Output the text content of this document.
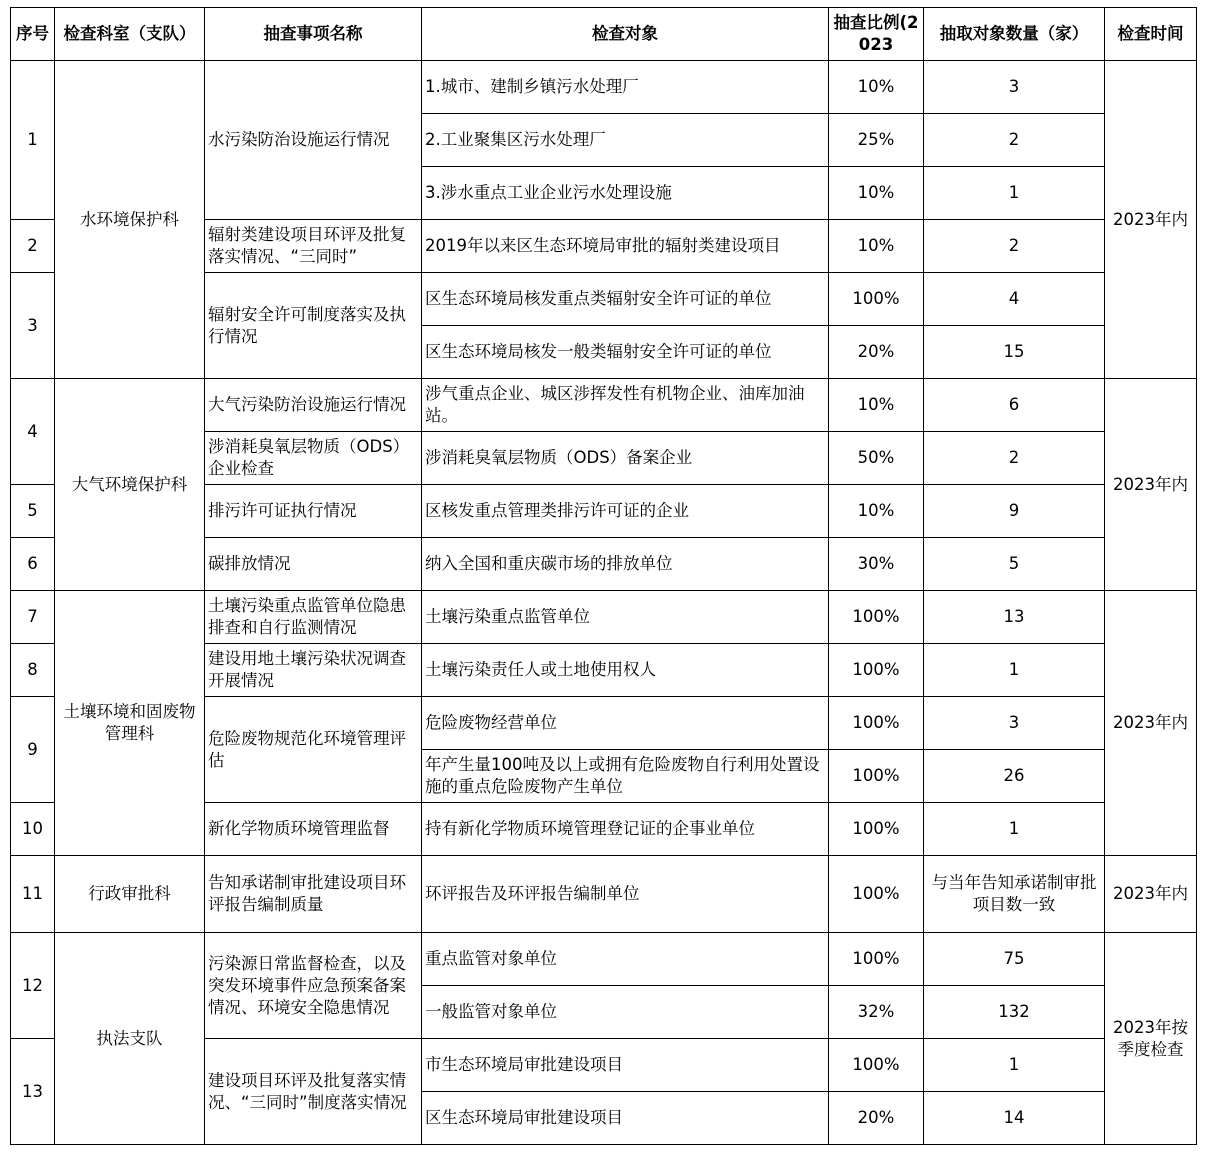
序号	检查科室（支队）	抽查事项名称	检查对象	抽查比例(2023	抽取对象数量（家）	检查时间
1	水环境保护科	水污染防治设施运行情况	1.城市、建制乡镇污水处理厂	10%	3	2023年内
			2.工业聚集区污水处理厂	25%	2	
			3.涉水重点工业企业污水处理设施	10%	1	
2		辐射类建设项目环评及批复落实情况、“三同时”	2019年以来区生态环境局审批的辐射类建设项目	10%	2	
3		辐射安全许可制度落实及执行情况	区生态环境局核发重点类辐射安全许可证的单位	100%	4	
			区生态环境局核发一般类辐射安全许可证的单位	20%	15	
4	大气环境保护科	大气污染防治设施运行情况	涉气重点企业、城区涉挥发性有机物企业、油库加油站。	10%	6	2023年内
		涉消耗臭氧层物质（ODS）企业检查	涉消耗臭氧层物质（ODS）备案企业	50%	2	
5		排污许可证执行情况	区核发重点管理类排污许可证的企业	10%	9	
6		碳排放情况	纳入全国和重庆碳市场的排放单位	30%	5	
7	土壤环境和固废物管理科	土壤污染重点监管单位隐患排查和自行监测情况	土壤污染重点监管单位	100%	13	2023年内
8		建设用地土壤污染状况调查开展情况	土壤污染责任人或土地使用权人	100%	1	
9		危险废物规范化环境管理评估	危险废物经营单位	100%	3	
			年产生量100吨及以上或拥有危险废物自行利用处置设施的重点危险废物产生单位	100%	26	
10		新化学物质环境管理监督	持有新化学物质环境管理登记证的企事业单位	100%	1	
11	行政审批科	告知承诺制审批建设项目环评报告编制质量	环评报告及环评报告编制单位	100%	与当年告知承诺制审批项目数一致	2023年内
12	执法支队	污染源日常监督检查，以及突发环境事件应急预案备案情况、环境安全隐患情况	重点监管对象单位	100%	75	2023年按季度检查
			一般监管对象单位	32%	132	
13		建设项目环评及批复落实情况、“三同时”制度落实情况	市生态环境局审批建设项目	100%	1	
			区生态环境局审批建设项目	20%	14	
